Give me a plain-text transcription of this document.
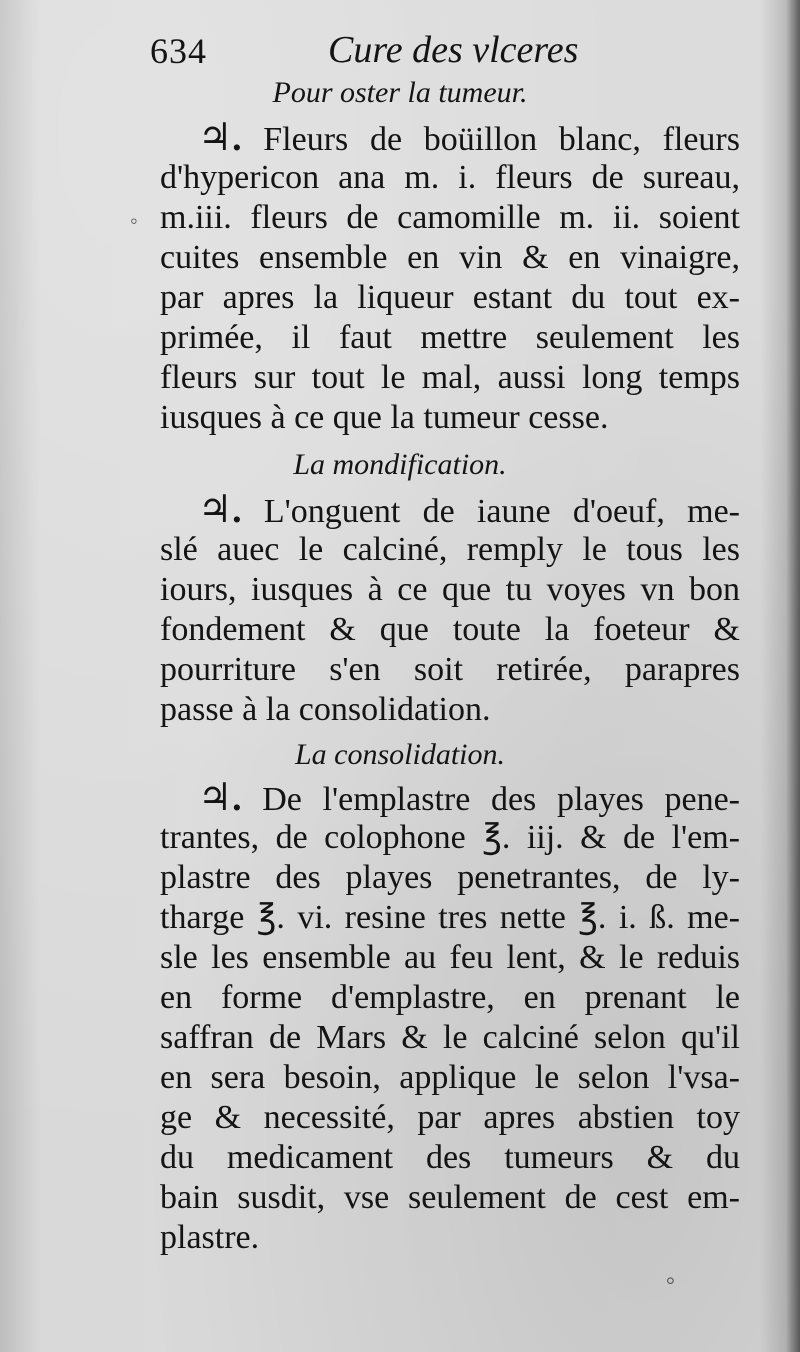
634	Cure des vlceres
Pour oster la tumeur.
♃. Fleurs de boüillon blanc, fleurs
d'hypericon ana m. i. fleurs de sureau,
m.iii. fleurs de camomille m. ii. soient
cuites ensemble en vin & en vinaigre,
par apres la liqueur estant du tout ex-
primée, il faut mettre seulement les
fleurs sur tout le mal, aussi long temps
iusques à ce que la tumeur cesse.
La mondification.
♃. L'onguent de iaune d'oeuf, me-
slé auec le calciné, remply le tous les
iours, iusques à ce que tu voyes vn bon
fondement & que toute la foeteur &
pourriture s'en soit retirée, parapres
passe à la consolidation.
La consolidation.
♃. De l'emplastre des playes pene-
trantes, de colophone ℥. iij. & de l'em-
plastre des playes penetrantes, de ly-
tharge ℥. vi. resine tres nette ℥. i. ß. me-
sle les ensemble au feu lent, & le reduis
en forme d'emplastre, en prenant le
saffran de Mars & le calciné selon qu'il
en sera besoin, applique le selon l'vsa-
ge & necessité, par apres abstien toy
du medicament des tumeurs & du
bain susdit, vse seulement de cest em-
plastre.
◦
°
